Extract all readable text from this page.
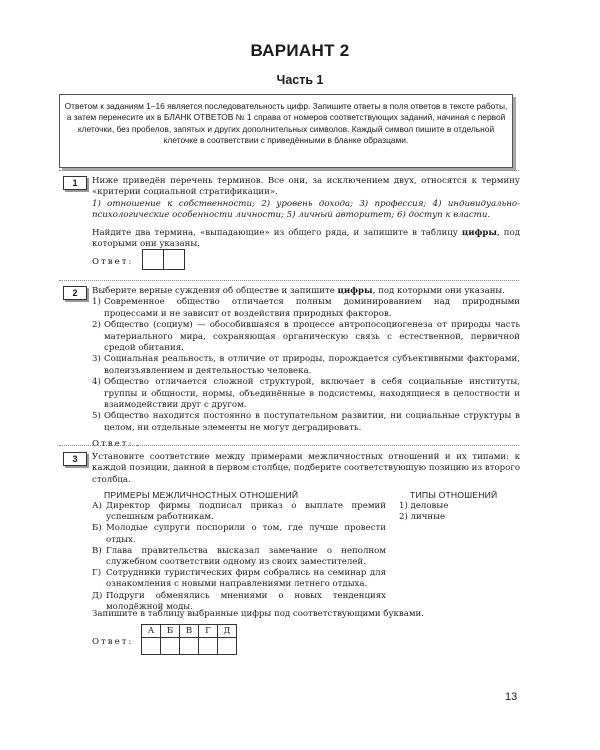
ВАРИАНТ 2
Часть 1

Ответом к заданиям 1–16 является последовательность цифр. Запишите ответы в поля ответов в тексте работы, а затем перенесите их в БЛАНК ОТВЕТОВ № 1 справа от номеров соответствующих заданий, начиная с первой клеточки, без пробелов, запятых и других дополнительных символов. Каждый символ пишите в отдельной клеточке в соответствии с приведёнными в бланке образцами.

1	Ниже приведён перечень терминов. Все они, за исключением двух, относятся к термину «критерии социальной стратификации».

1) отношение к собственности; 2) уровень дохода; 3) профессия; 4) индивидуально-психологические особенности личности; 5) личный авторитет; 6) доступ к власти.

Найдите два термина, «выпадающие» из общего ряда, и запишите в таблицу цифры, под которыми они указаны.

Ответ:

2	Выберите верные суждения об обществе и запишите цифры, под которыми они указаны.

1) Современное общество отличается полным доминированием над природными процессами и не зависит от воздействия природных факторов.
2) Общество (социум) — обособившаяся в процессе антропосоциогенеза от природы часть материального мира, сохраняющая органическую связь с естественной, первичной средой обитания.
3) Социальная реальность, в отличие от природы, порождается субъективными факторами, волеизъявлением и деятельностью человека.
4) Общество отличается сложной структурой, включает в себя социальные институты, группы и общности, нормы, объединённые в подсистемы, находящиеся в целостности и взаимодействии друг с другом.
5) Общество находится постоянно в поступательном развитии, ни социальные структуры в целом, ни отдельные элементы не могут деградировать.

Ответ:

3	Установите соответствие между примерами межличностных отношений и их типами: к каждой позиции, данной в первом столбце, подберите соответствующую позицию из второго столбца.

ПРИМЕРЫ МЕЖЛИЧНОСТНЫХ ОТНОШЕНИЙ	ТИПЫ ОТНОШЕНИЙ
А) Директор фирмы подписал приказ о выплате премий успешным работникам.
Б) Молодые супруги поспорили о том, где лучше провести отдых.
В) Глава правительства высказал замечание о неполном служебном соответствии одному из своих заместителей.
Г) Сотрудники туристических фирм собрались на семинар для ознакомления с новыми направлениями летнего отдыха.
Д) Подруги обменялись мнениями о новых тенденциях молодёжной моды.
1) деловые
2) личные
Запишите в таблицу выбранные цифры под соответствующими буквами.
Ответ:
А	Б	В	Г	Д

13
